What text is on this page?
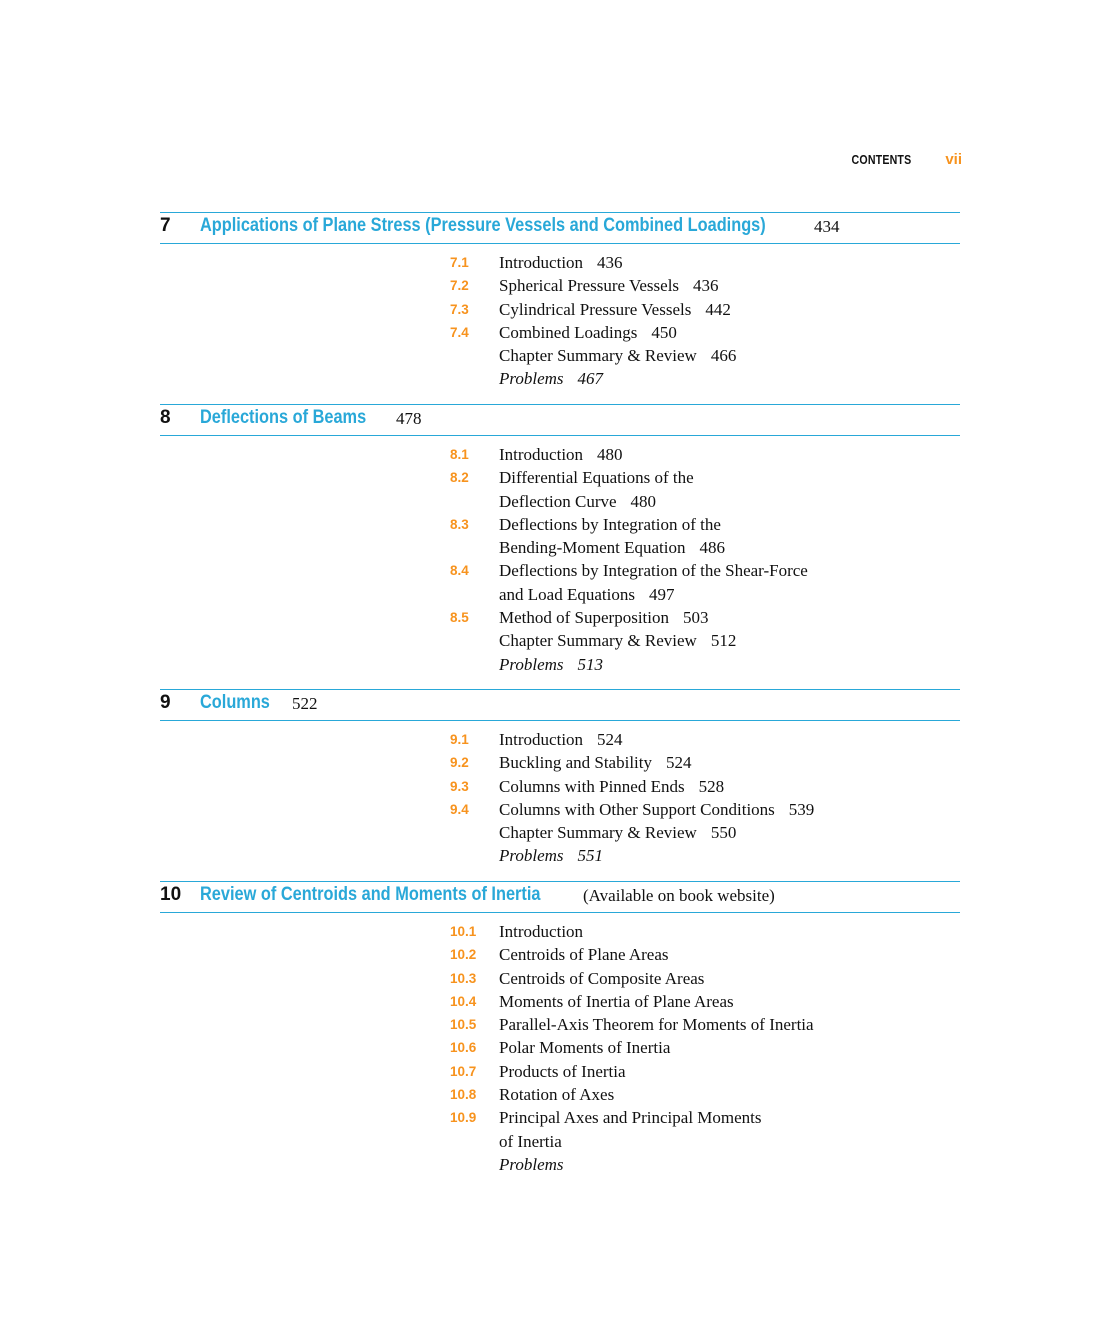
CONTENTS vii
7 Applications of Plane Stress (Pressure Vessels and Combined Loadings)	434
7.1 Introduction 436
7.2 Spherical Pressure Vessels 436
7.3 Cylindrical Pressure Vessels 442
7.4 Combined Loadings 450
Chapter Summary & Review 466
Problems 467
8 Deflections of Beams	478
8.1 Introduction 480
8.2 Differential Equations of the
Deflection Curve 480
8.3 Deflections by Integration of the
Bending-Moment Equation 486
8.4 Deflections by Integration of the Shear-Force
and Load Equations 497
8.5 Method of Superposition 503
Chapter Summary & Review 512
Problems 513
9 Columns	522
9.1 Introduction 524
9.2 Buckling and Stability 524
9.3 Columns with Pinned Ends 528
9.4 Columns with Other Support Conditions 539
Chapter Summary & Review 550
Problems 551
10 Review of Centroids and Moments of Inertia	(Available on book website)
10.1 Introduction
10.2 Centroids of Plane Areas
10.3 Centroids of Composite Areas
10.4 Moments of Inertia of Plane Areas
10.5 Parallel-Axis Theorem for Moments of Inertia
10.6 Polar Moments of Inertia
10.7 Products of Inertia
10.8 Rotation of Axes
10.9 Principal Axes and Principal Moments
of Inertia
Problems
